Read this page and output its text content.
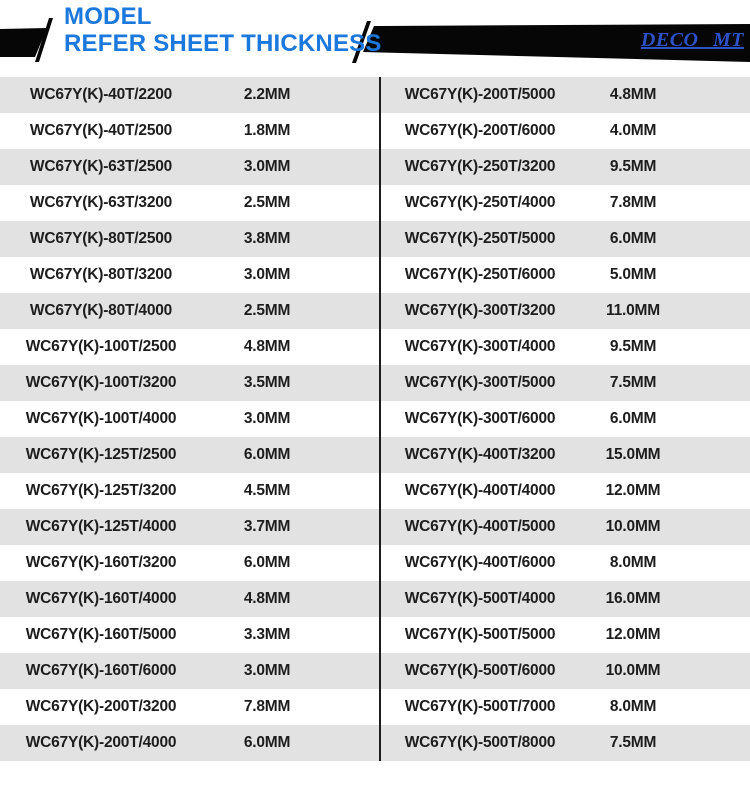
MODEL
REFER SHEET THICKNESS	DECO MT
WC67Y(K)-40T/2200	2.2MM
WC67Y(K)-40T/2500	1.8MM
WC67Y(K)-63T/2500	3.0MM
WC67Y(K)-63T/3200	2.5MM
WC67Y(K)-80T/2500	3.8MM
WC67Y(K)-80T/3200	3.0MM
WC67Y(K)-80T/4000	2.5MM
WC67Y(K)-100T/2500	4.8MM
WC67Y(K)-100T/3200	3.5MM
WC67Y(K)-100T/4000	3.0MM
WC67Y(K)-125T/2500	6.0MM
WC67Y(K)-125T/3200	4.5MM
WC67Y(K)-125T/4000	3.7MM
WC67Y(K)-160T/3200	6.0MM
WC67Y(K)-160T/4000	4.8MM
WC67Y(K)-160T/5000	3.3MM
WC67Y(K)-160T/6000	3.0MM
WC67Y(K)-200T/3200	7.8MM
WC67Y(K)-200T/4000	6.0MM
WC67Y(K)-200T/5000	4.8MM
WC67Y(K)-200T/6000	4.0MM
WC67Y(K)-250T/3200	9.5MM
WC67Y(K)-250T/4000	7.8MM
WC67Y(K)-250T/5000	6.0MM
WC67Y(K)-250T/6000	5.0MM
WC67Y(K)-300T/3200	11.0MM
WC67Y(K)-300T/4000	9.5MM
WC67Y(K)-300T/5000	7.5MM
WC67Y(K)-300T/6000	6.0MM
WC67Y(K)-400T/3200	15.0MM
WC67Y(K)-400T/4000	12.0MM
WC67Y(K)-400T/5000	10.0MM
WC67Y(K)-400T/6000	8.0MM
WC67Y(K)-500T/4000	16.0MM
WC67Y(K)-500T/5000	12.0MM
WC67Y(K)-500T/6000	10.0MM
WC67Y(K)-500T/7000	8.0MM
WC67Y(K)-500T/8000	7.5MM
